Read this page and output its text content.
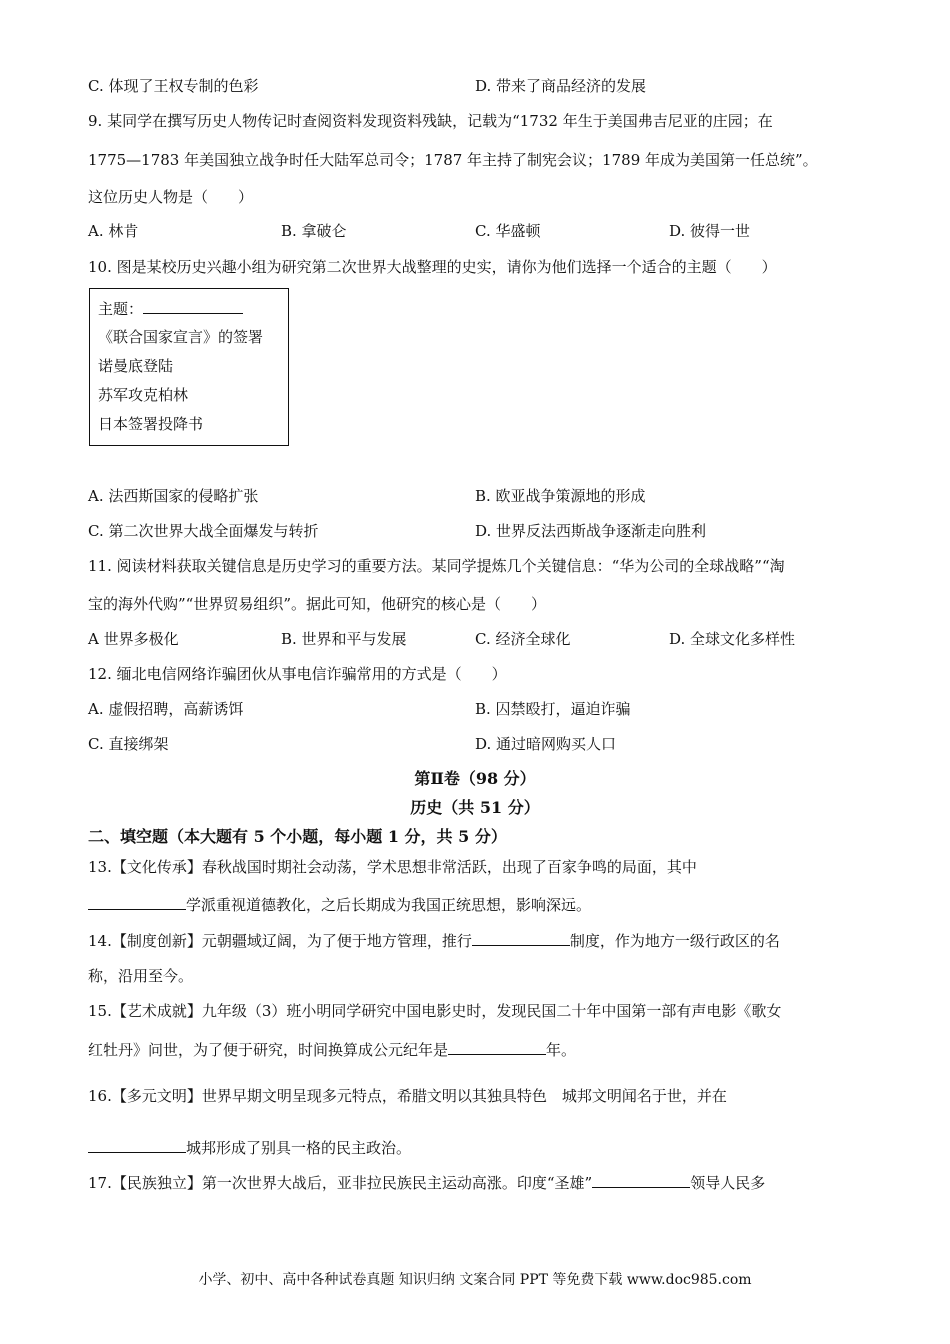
C. 体现了王权专制的色彩	D. 带来了商品经济的发展
9. 某同学在撰写历史人物传记时查阅资料发现资料残缺，记载为“1732 年生于美国弗吉尼亚的庄园；在
1775—1783 年美国独立战争时任大陆军总司令；1787 年主持了制宪会议；1789 年成为美国第一任总统”。
这位历史人物是（　　）
A. 林肯	B. 拿破仑	C. 华盛顿	D. 彼得一世
10. 图是某校历史兴趣小组为研究第二次世界大战整理的史实，请你为他们选择一个适合的主题（　　）
主题：
《联合国家宣言》的签署
诺曼底登陆
苏军攻克柏林
日本签署投降书
A. 法西斯国家的侵略扩张	B. 欧亚战争策源地的形成
C. 第二次世界大战全面爆发与转折	D. 世界反法西斯战争逐渐走向胜利
11. 阅读材料获取关键信息是历史学习的重要方法。某同学提炼几个关键信息：“华为公司的全球战略”“淘
宝的海外代购”“世界贸易组织”。据此可知，他研究的核心是（　　）
A 世界多极化	B. 世界和平与发展	C. 经济全球化	D. 全球文化多样性
12. 缅北电信网络诈骗团伙从事电信诈骗常用的方式是（　　）
A. 虚假招聘，高薪诱饵	B. 囚禁殴打，逼迫诈骗
C. 直接绑架	D. 通过暗网购买人口
第Ⅱ卷（98 分）
历史（共 51 分）
二、填空题（本大题有 5 个小题，每小题 1 分，共 5 分）
13.【文化传承】春秋战国时期社会动荡，学术思想非常活跃，出现了百家争鸣的局面，其中
学派重视道德教化，之后长期成为我国正统思想，影响深远。
14.【制度创新】元朝疆域辽阔，为了便于地方管理，推行	制度，作为地方一级行政区的名
称，沿用至今。
15.【艺术成就】九年级（3）班小明同学研究中国电影史时，发现民国二十年中国第一部有声电影《歌女
红牡丹》问世，为了便于研究，时间换算成公元纪年是	年。
16.【多元文明】世界早期文明呈现多元特点，希腊文明以其独具特色　城邦文明闻名于世，并在
城邦形成了别具一格的民主政治。
17.【民族独立】第一次世界大战后，亚非拉民族民主运动高涨。印度“圣雄”	领导人民多
小学、初中、高中各种试卷真题 知识归纳 文案合同 PPT 等免费下载 www.doc985.com
